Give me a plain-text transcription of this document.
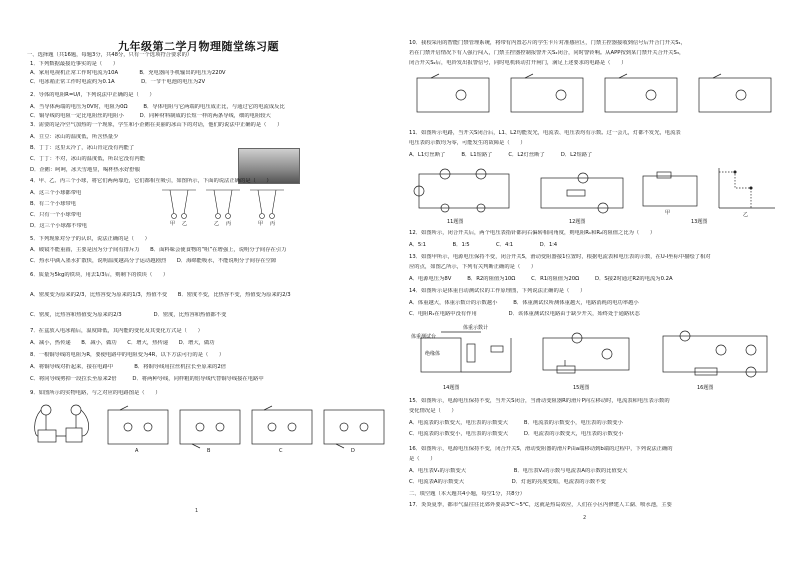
九年级第二学月物理随堂练习题
一、选择题（共16题，每题3分，共48分，只有一个选项符合要求的）
1．下列数据最接近事实的是（　　）
A．家用电视机正常工作时电流为10A　　　　B．充电器向手机输出的电压为220V
C．电冰箱正常工作时电流约为0.1A　　　　　D．一节干电池的电压为2V
2．导体的电阻R=U/I，下列说法中正确的是（　　）
A．当导体两端的电压为0V时，电阻为0Ω　　　B．导体电阻与它两端的电压成正比，与通过它的电流成反比
C．铜导线的电阻一定比电阻丝的电阻小　　　D．同种材料制成的长短一样的两条导线，细的电阻较大
3．需要的是冷空气加热的一个现象，学生和小企鹅在美丽的冰山下的对话，他们的说法中正确的是（　　）
A．豆豆：冰山的温度低，所含热量少
B．丁丁：这里太冷了，冰山肯定没有内能了
C．丁丁：不对，冰山的温度低，所以它没有内能
D．企鹅：呵呵，冰天雪地里，喝杯热水好舒服
4．甲、乙、丙三个小球，将它们两两靠近，它们都相互吸引，如图所示，下面的说法正确的是（　　）
A．这三个小球都带电
B．有二个小球带电
C．只有一个小球带电
D．这三个小球都不带电	甲 乙	乙 丙	甲 丙
5．下列现象对分子的认识，说法正确的是（　　）
A．破镜不能重圆，主要是因为分子间有排斥力　　B．面料味会使食物的“咀”在增强上，说明分子间存在引力
C．热水中滴入墨水扩散快，说明温度越高分子运动越剧烈　　D．海绵能吸水，不能说明分子间存在空隙
6．质量为5kg的铁块，用去1/3后，则剩下的铁块（　　）
A．密度变为原来的2/3，比热容变为原来的1/3，热值不变　　B．密度不变，比热容不变，热值变为原来的2/3
C．密度，比热容和热值变为原来的2/3　　　　　　D．密度，比热容和热值都不变
7．在盒放入电冰箱后，温度降低，其内能的变化及其变化方式是（　　）
A．减小，热传递　　B．减小，做功　　C．增大，热传递　　D．增大，做功
8．一根铜导线的电阻为R，要使电路中的电阻变为4R，以下方法可行的是（　　）
A．将铜导线对折起来，接在电路中　　　　B．将铜导线用拉丝机拉长至原来的2倍
C．将同导线剪掉一段拉长至原来2倍　　　D．将两种导线，同样粗的铝导线代替铜导线接在电路中
9．如图所示的实物电路，与之对应的电路图是（　　）
A	B	C	D
1
10．我校采用的智能门禁管理系统，将带有内置芯片的学生卡片对准感应区，门禁主控器接收到信号后开合门开关S₁，
若在门禁开启情况下有人强行闯入，门禁主控器控制报警开关S₂闭合，同时警铃响。从APP按到某门禁开关合开关S₃，
闭合开关S₂后，电铃发出报警信号，同时电机转动打开闸门，满足上述要求的电路是（　　）
11．如图所示电路，当开关S闭合后，L1、L2均能发光，电流表、电压表均有示数。过一会儿，灯都不发光，电流表
电压表的示数均为零，可能发生的故障是（　　）
A．L1灯丝断了　　　B．L1短路了　　　C．L2灯丝断了　　　D．L2短路了
甲	乙
11题图	12题图	13题图
12．如图所示，闭合开关后，两个电压表指针都向右偏转相同角度，则电阻R₁和R₂的阻值之比为（　　）
A．5∶1　　　　　B．1∶5　　　　　C．4∶1　　　　　D．1∶4
13．如图甲所示，电源电压保持不变，闭合开关S，滑动变阻器接1位置时，根据电流表和电压表的示数，在U-I坐标中描绘了相对
应的点，如图乙所示，下列有关判断正确的是（　　）
A．电源电压为8V　　　B．R2的阻值为10Ω　　　C．R1的阻值为20Ω　　　D．S接2时通过R2的电流为0.2A
14．如图所示是体重自动测试仪的工作原理图，下列说法正确的是（　　）
A．体重越大，体重示数计的示数越小　　　B．体重测试仪所测体重越大，电路消耗的电功率越小
C．电阻R₁在电路中没有作用　　　　　　D．该体重测试仪电路由于缺少开关，始终处于通路状态
体重示数计
绝缘体
体重测试台
14题图	15题图	16题图
15．如图所示，电源电压保持不变，当开关S闭合，当滑动变阻器R的滑片P向左移动时，电流表和电压表示数的
变化情况是（　　）
A．电流表的示数变大，电压表的示数变大　　　B．电流表的示数变小，电压表的示数变小
C．电流表的示数变小，电压表的示数变大　　　D．电流表的示数变大，电压表的示数变小
16．如图所示，电源电压保持不变，闭合开关S，滑动变阻器的滑片P由a端移动到b端的过程中，下列说法正确的
是（　　）
A．电压表V₁的示数变大　　　　　　　　　B．电压表V₂的示数与电流表A的示数的比值变大
C．电流表A的示数变大　　　　　　　　　D．灯泡的亮度变暗，电流表的示数不变
二、填空题（本大题共4小题，每空1分，共8分）
17．炎炎夏季，都市气温往往比郊外要高3℃~5℃，这就是热岛效应，人们在小区内修建人工湖、喷水池，主要
2
